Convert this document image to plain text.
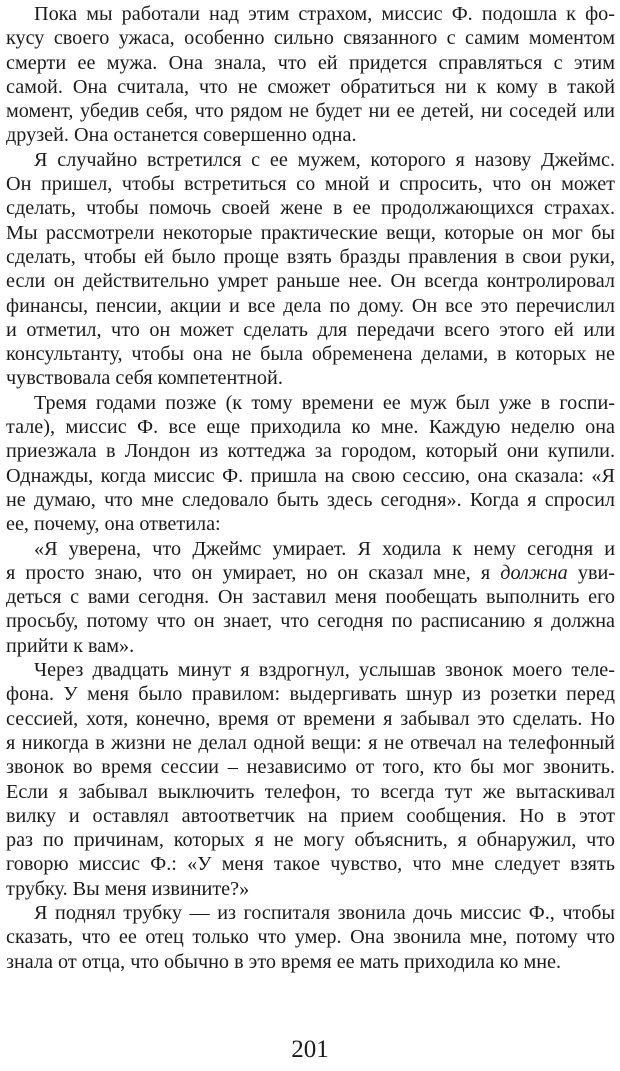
Пока мы работали над этим страхом, миссис Ф. подошла к фо-
кусу своего ужаса, особенно сильно связанного с самим моментом
смерти ее мужа. Она знала, что ей придется справляться с этим
самой. Она считала, что не сможет обратиться ни к кому в такой
момент, убедив себя, что рядом не будет ни ее детей, ни соседей или
друзей. Она останется совершенно одна.
Я случайно встретился с ее мужем, которого я назову Джеймс.
Он пришел, чтобы встретиться со мной и спросить, что он может
сделать, чтобы помочь своей жене в ее продолжающихся страхах.
Мы рассмотрели некоторые практические вещи, которые он мог бы
сделать, чтобы ей было проще взять бразды правления в свои руки,
если он действительно умрет раньше нее. Он всегда контролировал
финансы, пенсии, акции и все дела по дому. Он все это перечислил
и отметил, что он может сделать для передачи всего этого ей или
консультанту, чтобы она не была обременена делами, в которых не
чувствовала себя компетентной.
Тремя годами позже (к тому времени ее муж был уже в госпи-
тале), миссис Ф. все еще приходила ко мне. Каждую неделю она
приезжала в Лондон из коттеджа за городом, который они купили.
Однажды, когда миссис Ф. пришла на свою сессию, она сказала: «Я
не думаю, что мне следовало быть здесь сегодня». Когда я спросил
ее, почему, она ответила:
«Я уверена, что Джеймс умирает. Я ходила к нему сегодня и
я просто знаю, что он умирает, но он сказал мне, я должна уви-
деться с вами сегодня. Он заставил меня пообещать выполнить его
просьбу, потому что он знает, что сегодня по расписанию я должна
прийти к вам».
Через двадцать минут я вздрогнул, услышав звонок моего теле-
фона. У меня было правилом: выдергивать шнур из розетки перед
сессией, хотя, конечно, время от времени я забывал это сделать. Но
я никогда в жизни не делал одной вещи: я не отвечал на телефонный
звонок во время сессии – независимо от того, кто бы мог звонить.
Если я забывал выключить телефон, то всегда тут же вытаскивал
вилку и оставлял автоответчик на прием сообщения. Но в этот
раз по причинам, которых я не могу объяснить, я обнаружил, что
говорю миссис Ф.: «У меня такое чувство, что мне следует взять
трубку. Вы меня извините?»
Я поднял трубку — из госпиталя звонила дочь миссис Ф., чтобы
сказать, что ее отец только что умер. Она звонила мне, потому что
знала от отца, что обычно в это время ее мать приходила ко мне.
201
